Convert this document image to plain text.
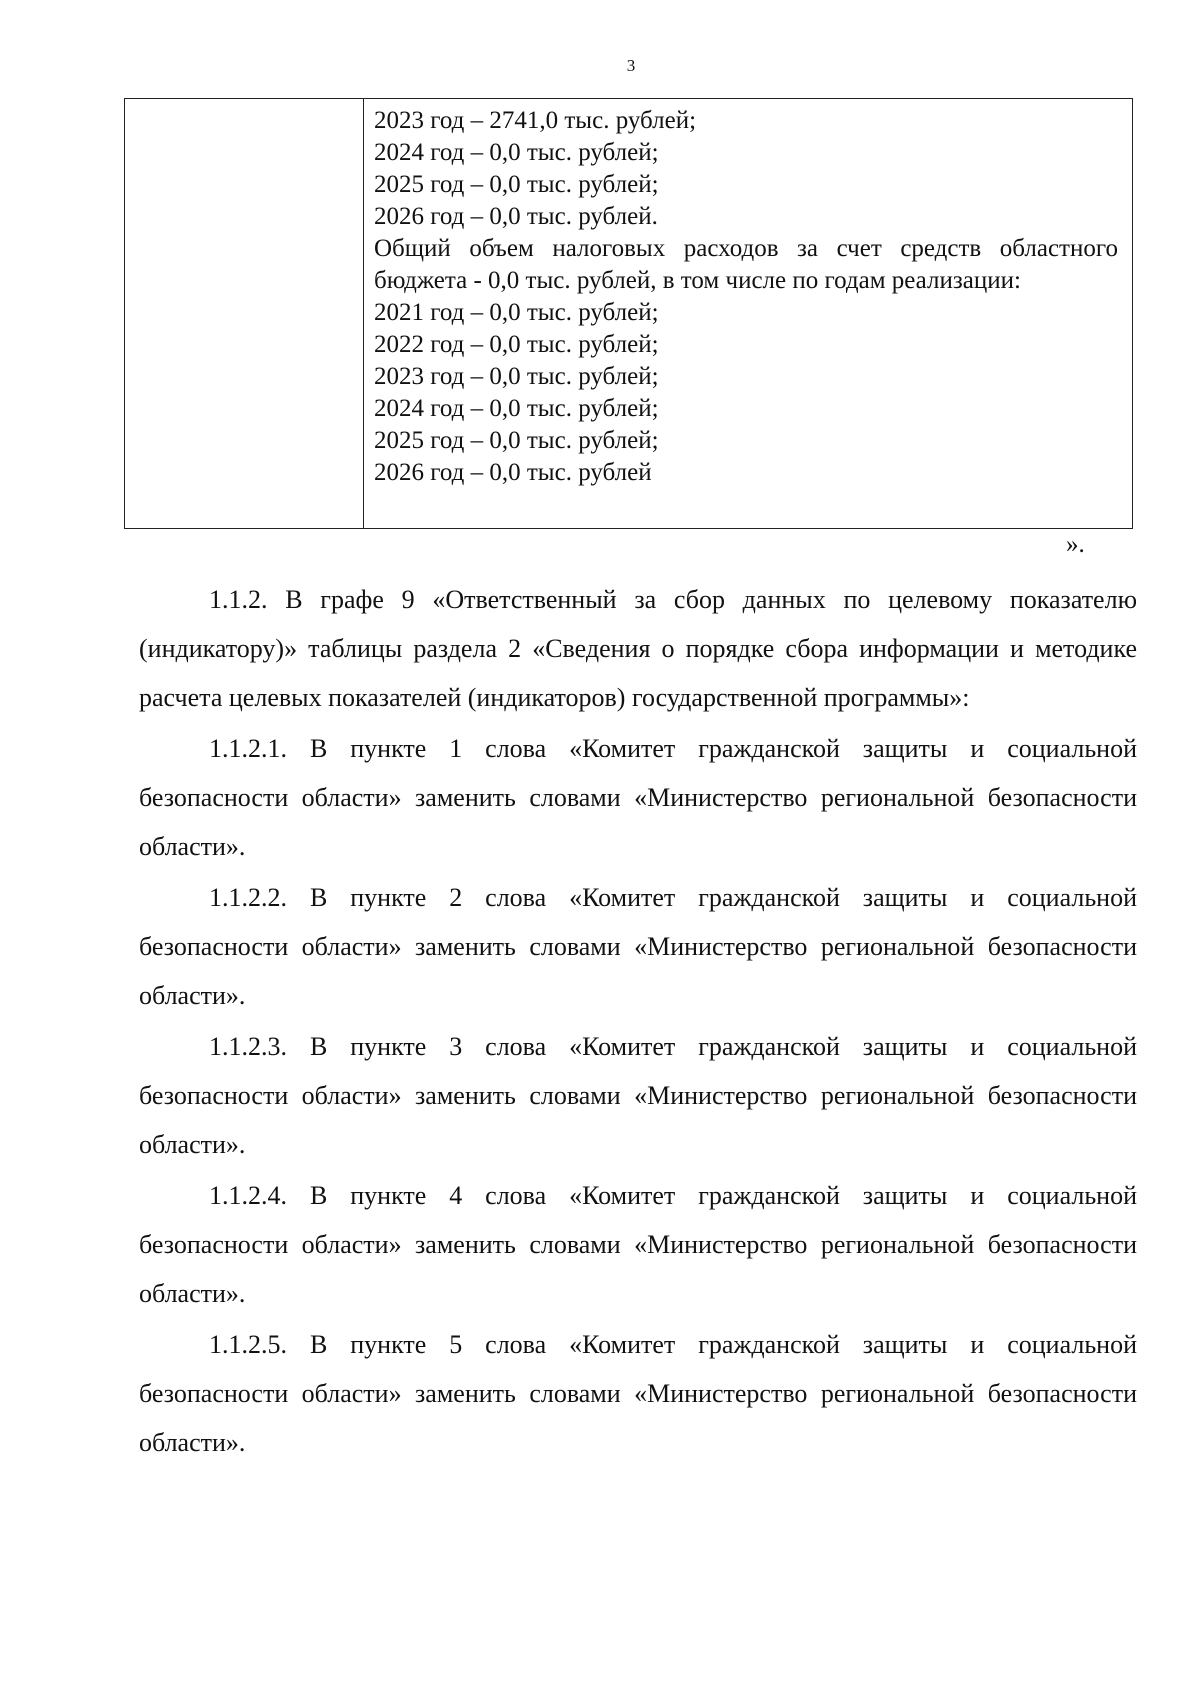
3
2023 год – 2741,0 тыс. рублей;
2024 год – 0,0 тыс. рублей;
2025 год – 0,0 тыс. рублей;
2026 год – 0,0 тыс. рублей.
Общий объем налоговых расходов за счет средств областного бюджета - 0,0 тыс. рублей, в том числе по годам реализации:
2021 год – 0,0 тыс. рублей;
2022 год – 0,0 тыс. рублей;
2023 год – 0,0 тыс. рублей;
2024 год – 0,0 тыс. рублей;
2025 год – 0,0 тыс. рублей;
2026 год – 0,0 тыс. рублей
».

1.1.2. В графе 9 «Ответственный за сбор данных по целевому показателю (индикатору)» таблицы раздела 2 «Сведения о порядке сбора информации и методике расчета целевых показателей (индикаторов) государственной программы»:

1.1.2.1. В пункте 1 слова «Комитет гражданской защиты и социальной безопасности области» заменить словами «Министерство региональной безопасности области».

1.1.2.2. В пункте 2 слова «Комитет гражданской защиты и социальной безопасности области» заменить словами «Министерство региональной безопасности области».

1.1.2.3. В пункте 3 слова «Комитет гражданской защиты и социальной безопасности области» заменить словами «Министерство региональной безопасности области».

1.1.2.4. В пункте 4 слова «Комитет гражданской защиты и социальной безопасности области» заменить словами «Министерство региональной безопасности области».

1.1.2.5. В пункте 5 слова «Комитет гражданской защиты и социальной безопасности области» заменить словами «Министерство региональной безопасности области».
